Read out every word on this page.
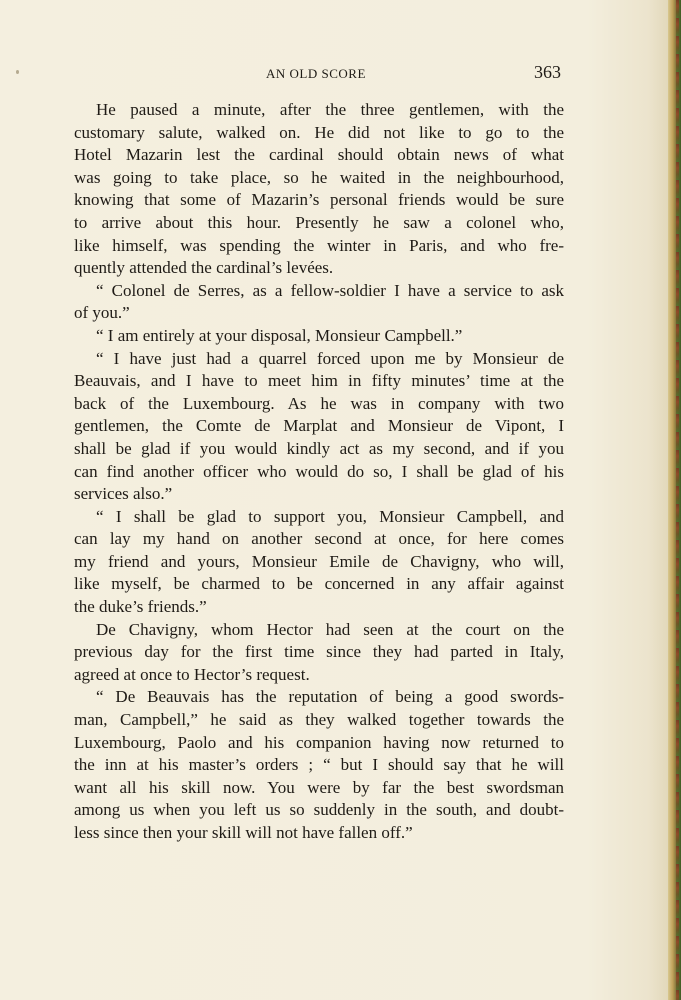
AN OLD SCORE	363
He paused a minute, after the three gentlemen, with the
customary salute, walked on. He did not like to go to the
Hotel Mazarin lest the cardinal should obtain news of what
was going to take place, so he waited in the neighbourhood,
knowing that some of Mazarin’s personal friends would be sure
to arrive about this hour. Presently he saw a colonel who,
like himself, was spending the winter in Paris, and who fre-
quently attended the cardinal’s levées.
“ Colonel de Serres, as a fellow-soldier I have a service to ask
of you.”
“ I am entirely at your disposal, Monsieur Campbell.”
“ I have just had a quarrel forced upon me by Monsieur de
Beauvais, and I have to meet him in fifty minutes’ time at the
back of the Luxembourg. As he was in company with two
gentlemen, the Comte de Marplat and Monsieur de Vipont, I
shall be glad if you would kindly act as my second, and if you
can find another officer who would do so, I shall be glad of his
services also.”
“ I shall be glad to support you, Monsieur Campbell, and
can lay my hand on another second at once, for here comes
my friend and yours, Monsieur Emile de Chavigny, who will,
like myself, be charmed to be concerned in any affair against
the duke’s friends.”
De Chavigny, whom Hector had seen at the court on the
previous day for the first time since they had parted in Italy,
agreed at once to Hector’s request.
“ De Beauvais has the reputation of being a good swords-
man, Campbell,” he said as they walked together towards the
Luxembourg, Paolo and his companion having now returned to
the inn at his master’s orders ; “ but I should say that he will
want all his skill now. You were by far the best swordsman
among us when you left us so suddenly in the south, and doubt-
less since then your skill will not have fallen off.”
